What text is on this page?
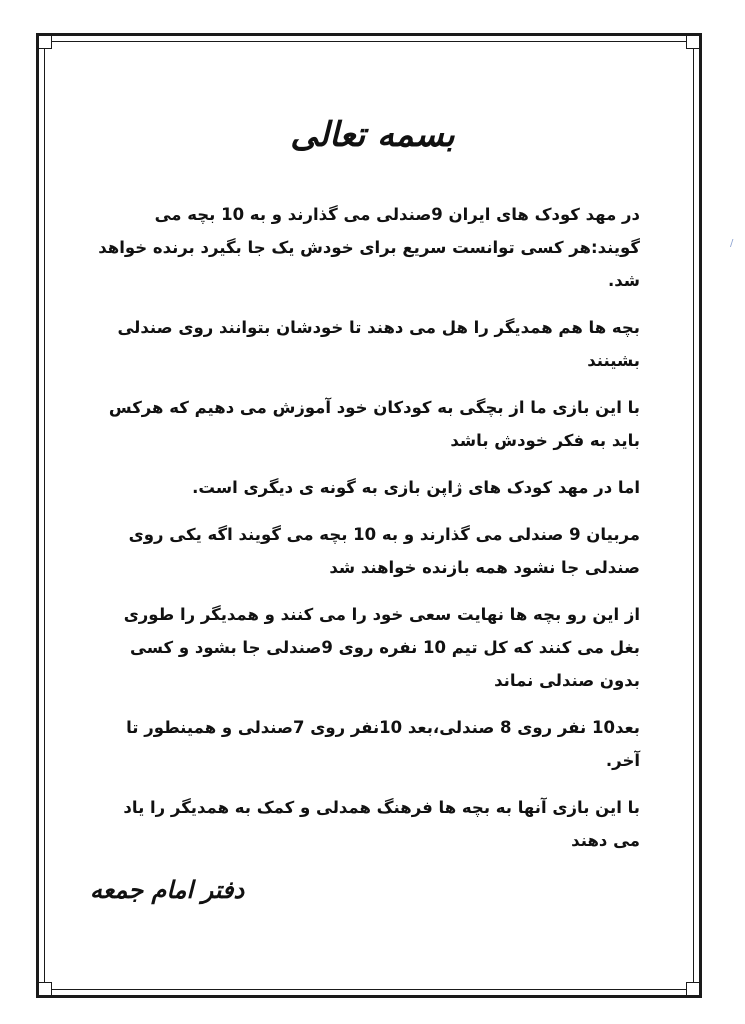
بسمه تعالی

در مهد کودک های ایران 9صندلی می گذارند و به 10 بچه می گویند:هر کسی توانست سریع برای خودش یک جا بگیرد برنده خواهد شد.

بچه ها هم همدیگر را هل می دهند تا خودشان بتوانند روی صندلی بشینند

با این بازی ما از بچگی به کودکان خود آموزش می دهیم که هرکس باید به فکر خودش باشد

اما در مهد کودک های ژاپن بازی به گونه ی دیگری است.

مربیان 9 صندلی می گذارند و به 10 بچه می گویند اگه یکی روی صندلی جا نشود همه بازنده خواهند شد

از این رو بچه ها نهایت سعی خود را می کنند و همدیگر را طوری بغل می کنند که کل تیم 10 نفره روی 9صندلی جا بشود و کسی بدون صندلی نماند

بعد10 نفر روی 8 صندلی،بعد 10نفر روی 7صندلی و همینطور تا آخر.

با این بازی آنها به بچه ها فرهنگ همدلی و کمک به همدیگر را یاد می دهند

دفتر امام جمعه
/
